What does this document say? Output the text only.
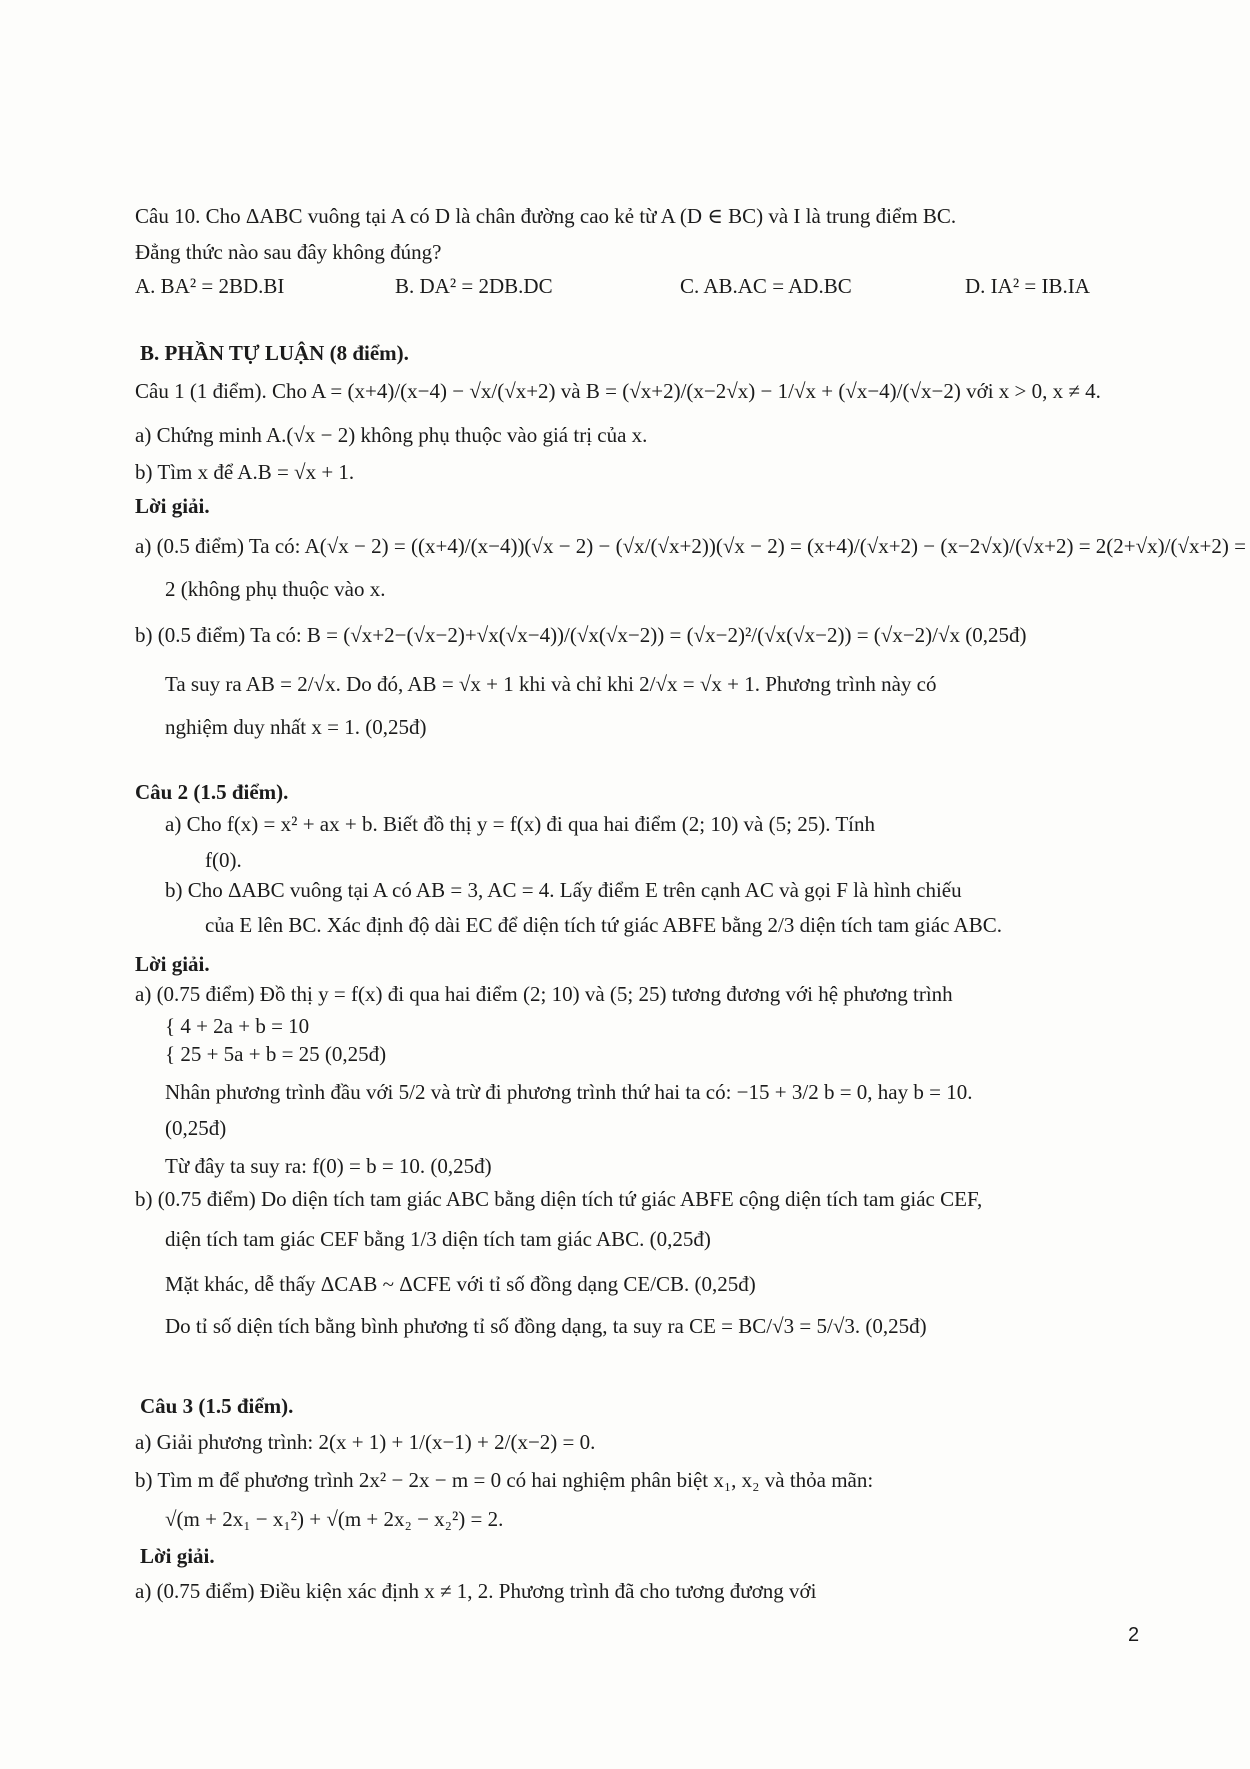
Câu 10. Cho ΔABC vuông tại A có D là chân đường cao kẻ từ A (D ∈ BC) và I là trung điểm BC.
Đẳng thức nào sau đây không đúng?
A. BA² = 2BD.BI	B. DA² = 2DB.DC	C. AB.AC = AD.BC	D. IA² = IB.IA
B. PHẦN TỰ LUẬN (8 điểm).
Câu 1 (1 điểm). Cho A = (x+4)/(x−4) − √x/(√x+2) và B = (√x+2)/(x−2√x) − 1/√x + (√x−4)/(√x−2) với x > 0, x ≠ 4.
a) Chứng minh A.(√x − 2) không phụ thuộc vào giá trị của x.
b) Tìm x để A.B = √x + 1.
Lời giải.
a) (0.5 điểm) Ta có: A(√x − 2) = ((x+4)/(x−4))(√x − 2) − (√x/(√x+2))(√x − 2) = (x+4)/(√x+2) − (x−2√x)/(√x+2) = 2(2+√x)/(√x+2) =
2 (không phụ thuộc vào x.
b) (0.5 điểm) Ta có: B = (√x+2−(√x−2)+√x(√x−4))/(√x(√x−2)) = (√x−2)²/(√x(√x−2)) = (√x−2)/√x (0,25đ)
Ta suy ra AB = 2/√x. Do đó, AB = √x + 1 khi và chỉ khi 2/√x = √x + 1. Phương trình này có
nghiệm duy nhất x = 1. (0,25đ)
Câu 2 (1.5 điểm).
a) Cho f(x) = x² + ax + b. Biết đồ thị y = f(x) đi qua hai điểm (2; 10) và (5; 25). Tính
f(0).
b) Cho ΔABC vuông tại A có AB = 3, AC = 4. Lấy điểm E trên cạnh AC và gọi F là hình chiếu
của E lên BC. Xác định độ dài EC để diện tích tứ giác ABFE bằng 2/3 diện tích tam giác ABC.
Lời giải.
a) (0.75 điểm) Đồ thị y = f(x) đi qua hai điểm (2; 10) và (5; 25) tương đương với hệ phương trình
{ 4 + 2a + b = 10
{ 25 + 5a + b = 25 (0,25đ)
Nhân phương trình đầu với 5/2 và trừ đi phương trình thứ hai ta có: −15 + 3/2 b = 0, hay b = 10.
(0,25đ)
Từ đây ta suy ra: f(0) = b = 10. (0,25đ)
b) (0.75 điểm) Do diện tích tam giác ABC bằng diện tích tứ giác ABFE cộng diện tích tam giác CEF,
diện tích tam giác CEF bằng 1/3 diện tích tam giác ABC. (0,25đ)
Mặt khác, dễ thấy ΔCAB ~ ΔCFE với tỉ số đồng dạng CE/CB. (0,25đ)
Do tỉ số diện tích bằng bình phương tỉ số đồng dạng, ta suy ra CE = BC/√3 = 5/√3. (0,25đ)
Câu 3 (1.5 điểm).
a) Giải phương trình: 2(x + 1) + 1/(x−1) + 2/(x−2) = 0.
b) Tìm m để phương trình 2x² − 2x − m = 0 có hai nghiệm phân biệt x₁, x₂ và thỏa mãn:
√(m + 2x₁ − x₁²) + √(m + 2x₂ − x₂²) = 2.
Lời giải.
a) (0.75 điểm) Điều kiện xác định x ≠ 1, 2. Phương trình đã cho tương đương với
2
